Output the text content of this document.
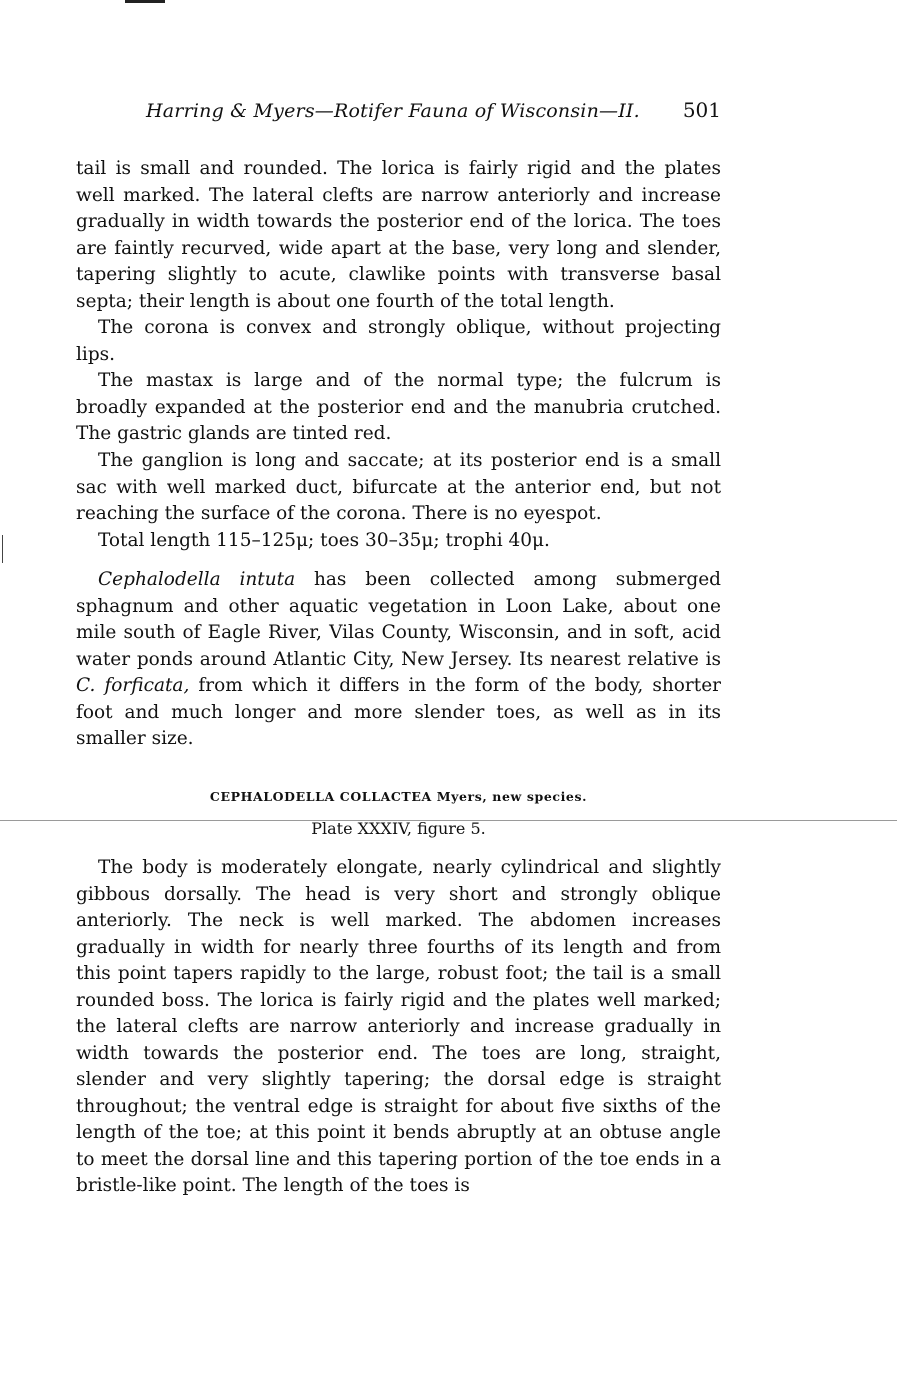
Harring & Myers—Rotifer Fauna of Wisconsin—II. 501

tail is small and rounded. The lorica is fairly rigid and the plates well marked. The lateral clefts are narrow anteriorly and increase gradually in width towards the posterior end of the lorica. The toes are faintly recurved, wide apart at the base, very long and slender, tapering slightly to acute, clawlike points with transverse basal septa; their length is about one fourth of the total length.

The corona is convex and strongly oblique, without projecting lips.

The mastax is large and of the normal type; the fulcrum is broadly expanded at the posterior end and the manubria crutched. The gastric glands are tinted red.

The ganglion is long and saccate; at its posterior end is a small sac with well marked duct, bifurcate at the anterior end, but not reaching the surface of the corona. There is no eyespot.

Total length 115–125μ; toes 30–35μ; trophi 40μ.

Cephalodella intuta has been collected among submerged sphagnum and other aquatic vegetation in Loon Lake, about one mile south of Eagle River, Vilas County, Wisconsin, and in soft, acid water ponds around Atlantic City, New Jersey. Its nearest relative is C. forficata, from which it differs in the form of the body, shorter foot and much longer and more slender toes, as well as in its smaller size.

CEPHALODELLA COLLACTEA Myers, new species.
Plate XXXIV, figure 5.

The body is moderately elongate, nearly cylindrical and slightly gibbous dorsally. The head is very short and strongly oblique anteriorly. The neck is well marked. The abdomen increases gradually in width for nearly three fourths of its length and from this point tapers rapidly to the large, robust foot; the tail is a small rounded boss. The lorica is fairly rigid and the plates well marked; the lateral clefts are narrow anteriorly and increase gradually in width towards the posterior end. The toes are long, straight, slender and very slightly tapering; the dorsal edge is straight throughout; the ventral edge is straight for about five sixths of the length of the toe; at this point it bends abruptly at an obtuse angle to meet the dorsal line and this tapering portion of the toe ends in a bristle-like point. The length of the toes is
